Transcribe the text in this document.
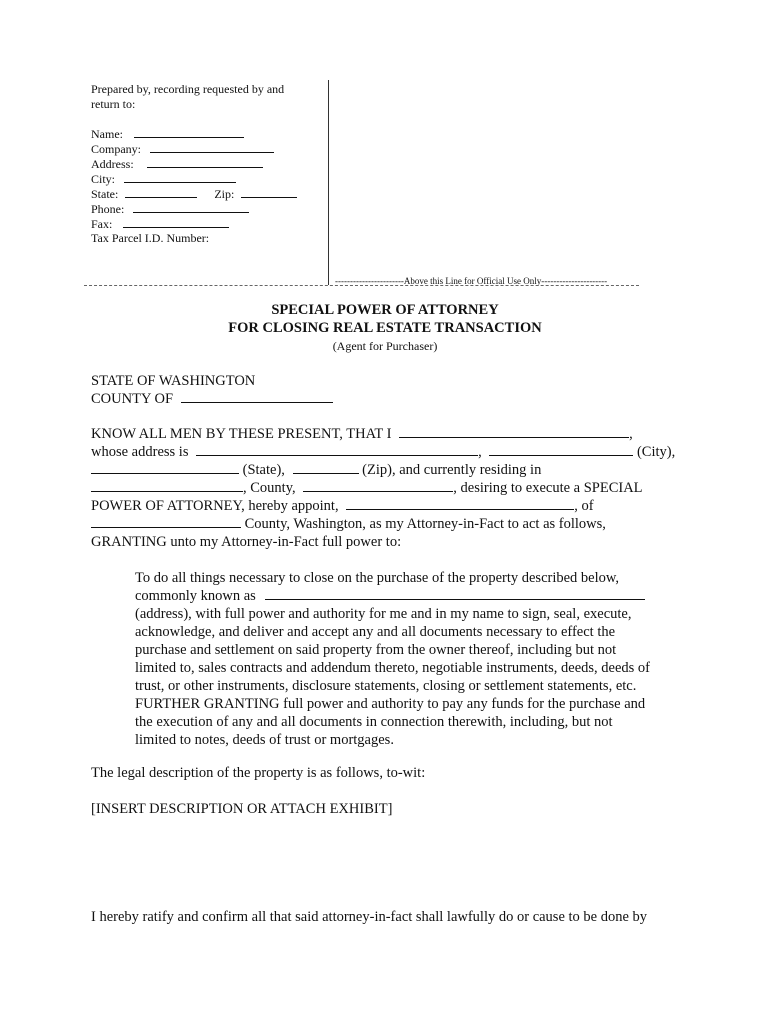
Prepared by, recording requested by and
return to:
Name:
Company:
Address:
City:
State:	Zip:
Phone:
Fax:
Tax Parcel I.D. Number:
-----------------------Above this Line for Official Use Only----------------------
SPECIAL POWER OF ATTORNEY
FOR CLOSING REAL ESTATE TRANSACTION
(Agent for Purchaser)
STATE OF WASHINGTON
COUNTY OF
KNOW ALL MEN BY THESE PRESENT, THAT I	,
whose address is	,	(City),
(State),	(Zip), and currently residing in
, County,	, desiring to execute a SPECIAL
POWER OF ATTORNEY, hereby appoint,	, of
County, Washington, as my Attorney-in-Fact to act as follows,
GRANTING unto my Attorney-in-Fact full power to:
To do all things necessary to close on the purchase of the property described below,
commonly known as
(address), with full power and authority for me and in my name to sign, seal, execute,
acknowledge, and deliver and accept any and all documents necessary to effect the
purchase and settlement on said property from the owner thereof, including but not
limited to, sales contracts and addendum thereto, negotiable instruments, deeds, deeds of
trust, or other instruments, disclosure statements, closing or settlement statements, etc.
FURTHER GRANTING full power and authority to pay any funds for the purchase and
the execution of any and all documents in connection therewith, including, but not
limited to notes, deeds of trust or mortgages.
The legal description of the property is as follows, to-wit:
[INSERT DESCRIPTION OR ATTACH EXHIBIT]
I hereby ratify and confirm all that said attorney-in-fact shall lawfully do or cause to be done by
